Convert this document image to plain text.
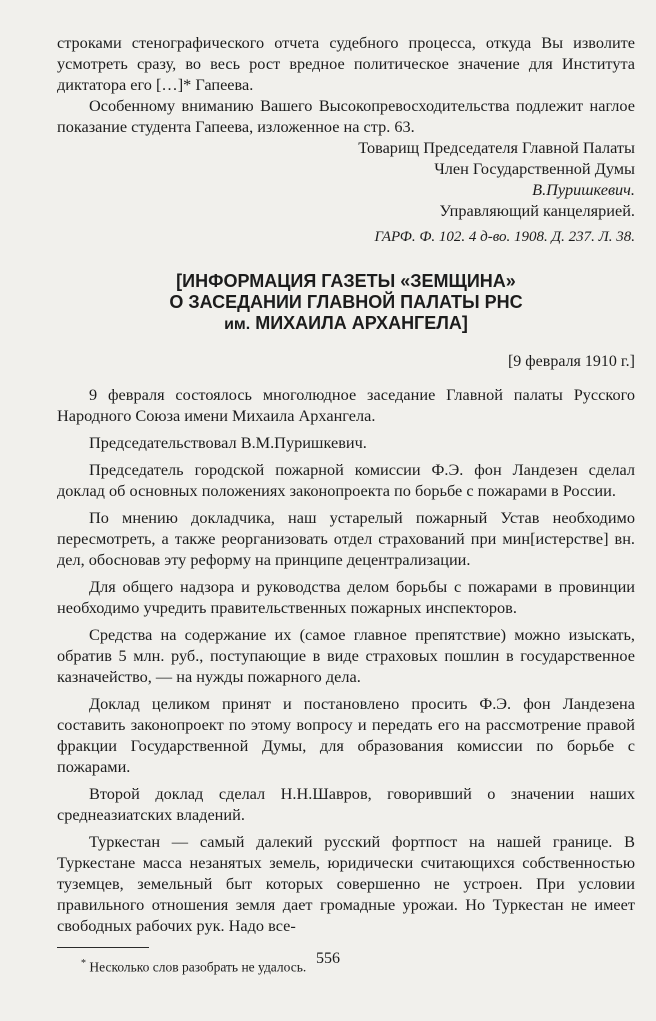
строками стенографического отчета судебного процесса, откуда Вы изволите усмотреть сразу, во весь рост вредное политическое значение для Института диктатора его […]* Гапеева.

Особенному вниманию Вашего Высокопревосходительства подлежит наглое показание студента Гапеева, изложенное на стр. 63.

Товарищ Председателя Главной Палаты

Член Государственной Думы

В.Пуришкевич.

Управляющий канцелярией.

ГАРФ. Ф. 102. 4 д-во. 1908. Д. 237. Л. 38.
[ИНФОРМАЦИЯ ГАЗЕТЫ «ЗЕМЩИНА»
О ЗАСЕДАНИИ ГЛАВНОЙ ПАЛАТЫ РНС
им. МИХАИЛА АРХАНГЕЛА]
[9 февраля 1910 г.]

9 февраля состоялось многолюдное заседание Главной палаты Русского Народного Союза имени Михаила Архангела.

Председательствовал В.М.Пуришкевич.

Председатель городской пожарной комиссии Ф.Э. фон Ландезен сделал доклад об основных положениях законопроекта по борьбе с пожарами в России.

По мнению докладчика, наш устарелый пожарный Устав необходимо пересмотреть, а также реорганизовать отдел страхований при мин[истерстве] вн. дел, обосновав эту реформу на принципе децентрализации.

Для общего надзора и руководства делом борьбы с пожарами в провинции необходимо учредить правительственных пожарных инспекторов.

Средства на содержание их (самое главное препятствие) можно изыскать, обратив 5 млн. руб., поступающие в виде страховых пошлин в государственное казначейство, — на нужды пожарного дела.

Доклад целиком принят и постановлено просить Ф.Э. фон Ландезена составить законопроект по этому вопросу и передать его на рассмотрение правой фракции Государственной Думы, для образования комиссии по борьбе с пожарами.

Второй доклад сделал Н.Н.Шавров, говоривший о значении наших среднеазиатских владений.

Туркестан — самый далекий русский фортпост на нашей границе. В Туркестане масса незанятых земель, юридически считающихся собственностью туземцев, земельный быт которых совершенно не устроен. При условии правильного отношения земля дает громадные урожаи. Но Туркестан не имеет свободных рабочих рук. Надо все-

* Несколько слов разобрать не удалось. 556
